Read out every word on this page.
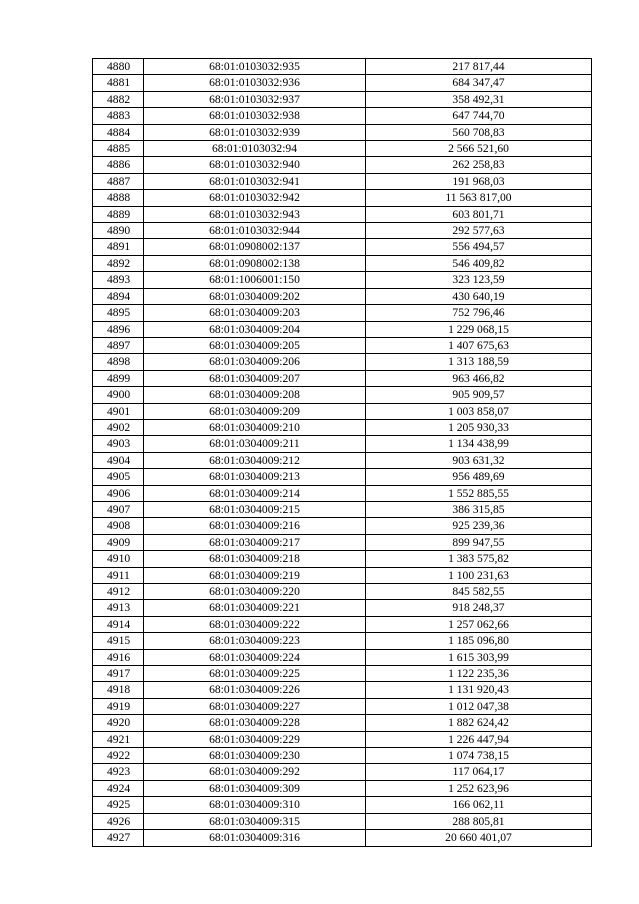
4880	68:01:0103032:935	217 817,44
4881	68:01:0103032:936	684 347,47
4882	68:01:0103032:937	358 492,31
4883	68:01:0103032:938	647 744,70
4884	68:01:0103032:939	560 708,83
4885	68:01:0103032:94	2 566 521,60
4886	68:01:0103032:940	262 258,83
4887	68:01:0103032:941	191 968,03
4888	68:01:0103032:942	11 563 817,00
4889	68:01:0103032:943	603 801,71
4890	68:01:0103032:944	292 577,63
4891	68:01:0908002:137	556 494,57
4892	68:01:0908002:138	546 409,82
4893	68:01:1006001:150	323 123,59
4894	68:01:0304009:202	430 640,19
4895	68:01:0304009:203	752 796,46
4896	68:01:0304009:204	1 229 068,15
4897	68:01:0304009:205	1 407 675,63
4898	68:01:0304009:206	1 313 188,59
4899	68:01:0304009:207	963 466,82
4900	68:01:0304009:208	905 909,57
4901	68:01:0304009:209	1 003 858,07
4902	68:01:0304009:210	1 205 930,33
4903	68:01:0304009:211	1 134 438,99
4904	68:01:0304009:212	903 631,32
4905	68:01:0304009:213	956 489,69
4906	68:01:0304009:214	1 552 885,55
4907	68:01:0304009:215	386 315,85
4908	68:01:0304009:216	925 239,36
4909	68:01:0304009:217	899 947,55
4910	68:01:0304009:218	1 383 575,82
4911	68:01:0304009:219	1 100 231,63
4912	68:01:0304009:220	845 582,55
4913	68:01:0304009:221	918 248,37
4914	68:01:0304009:222	1 257 062,66
4915	68:01:0304009:223	1 185 096,80
4916	68:01:0304009:224	1 615 303,99
4917	68:01:0304009:225	1 122 235,36
4918	68:01:0304009:226	1 131 920,43
4919	68:01:0304009:227	1 012 047,38
4920	68:01:0304009:228	1 882 624,42
4921	68:01:0304009:229	1 226 447,94
4922	68:01:0304009:230	1 074 738,15
4923	68:01:0304009:292	117 064,17
4924	68:01:0304009:309	1 252 623,96
4925	68:01:0304009:310	166 062,11
4926	68:01:0304009:315	288 805,81
4927	68:01:0304009:316	20 660 401,07
